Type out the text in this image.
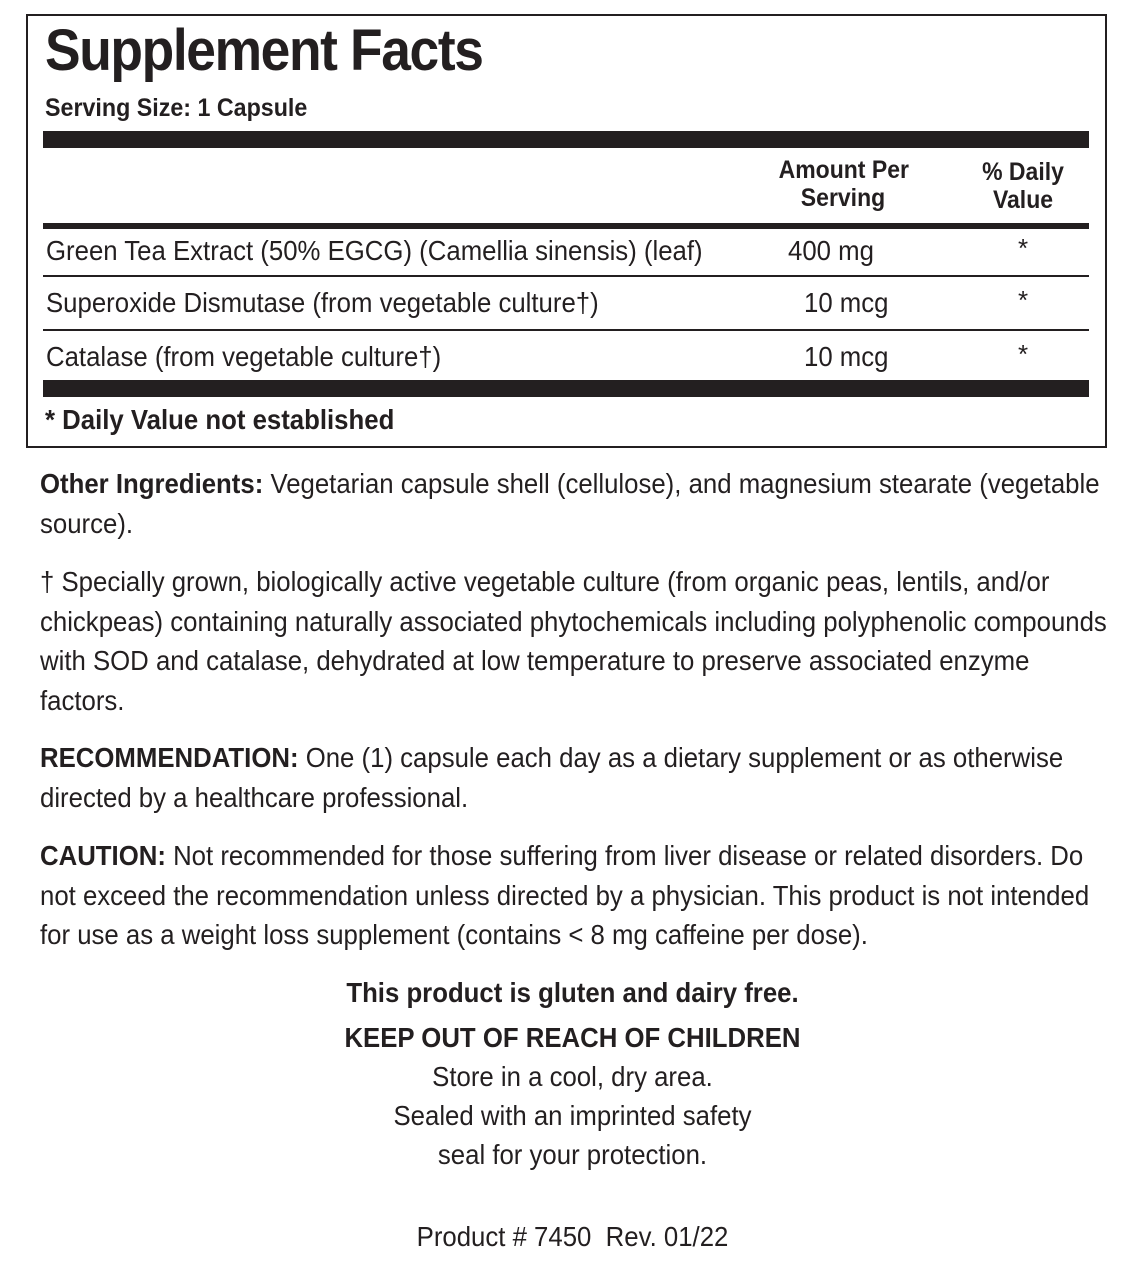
Supplement Facts
Serving Size: 1 Capsule
Amount Per
Serving
% Daily
Value
Green Tea Extract (50% EGCG) (Camellia sinensis) (leaf)	400 mg	*
Superoxide Dismutase (from vegetable culture†)	10 mcg	*
Catalase (from vegetable culture†)	10 mcg	*
* Daily Value not established
Other Ingredients: Vegetarian capsule shell (cellulose), and magnesium stearate (vegetable source).
† Specially grown, biologically active vegetable culture (from organic peas, lentils, and/or chickpeas) containing naturally associated phytochemicals including polyphenolic compounds with SOD and catalase, dehydrated at low temperature to preserve associated enzyme factors.
RECOMMENDATION: One (1) capsule each day as a dietary supplement or as otherwise directed by a healthcare professional.
CAUTION: Not recommended for those suffering from liver disease or related disorders. Do not exceed the recommendation unless directed by a physician. This product is not intended for use as a weight loss supplement (contains < 8 mg caffeine per dose).
This product is gluten and dairy free.
KEEP OUT OF REACH OF CHILDREN
Store in a cool, dry area.
Sealed with an imprinted safety
seal for your protection.
Product # 7450  Rev. 01/22
